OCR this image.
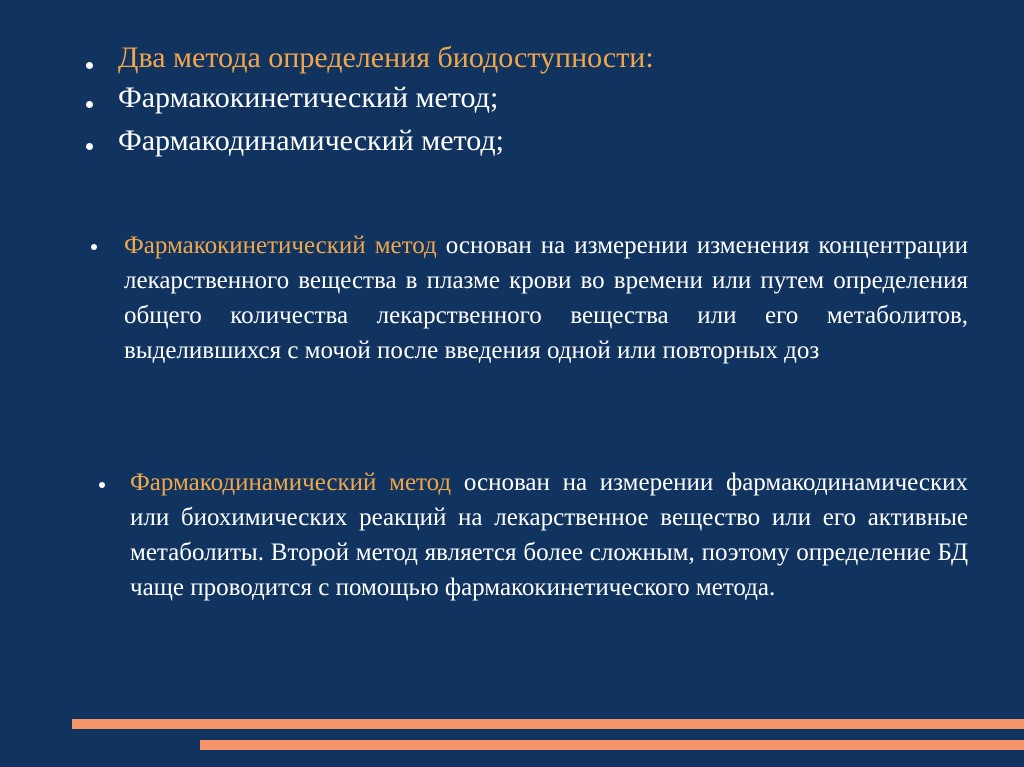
Два метода определения биодоступности:
Фармакокинетический метод;
Фармакодинамический метод;
Фармакокинетический метод основан на измерении изменения концентрации лекарственного вещества в плазме крови во времени или путем определения общего количества лекарственного вещества или его метаболитов, выделившихся с мочой после введения одной или повторных доз
Фармакодинамический метод основан на измерении фармакодинамических или биохимических реакций на лекарственное вещество или его активные метаболиты. Второй метод является более сложным, поэтому определение БД чаще проводится с помощью фармакокинетического метода.
